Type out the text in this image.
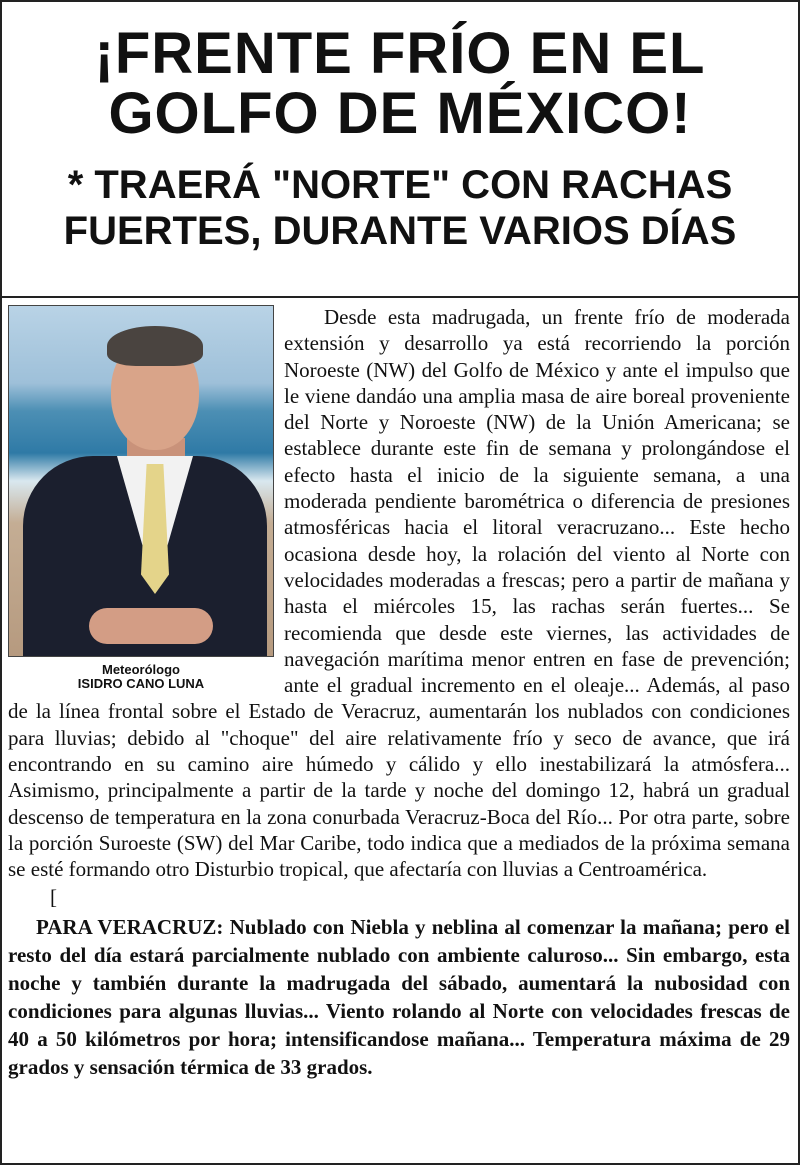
¡FRENTE FRÍO EN EL
GOLFO DE MÉXICO!
* TRAERÁ "NORTE" CON RACHAS
FUERTES, DURANTE VARIOS DÍAS
Meteorólogo
ISIDRO CANO LUNA

Desde esta madrugada, un frente frío de moderada extensión y desarrollo ya está recorriendo la porción Noroeste (NW) del Golfo de México y ante el impulso que le viene dandáo una amplia masa de aire boreal proveniente del Norte y Noroeste (NW) de la Unión Americana; se establece durante este fin de semana y prolongándose el efecto hasta el inicio de la siguiente semana, a una moderada pendiente barométrica o diferencia de presiones atmosféricas hacia el litoral veracruzano... Este hecho ocasiona desde hoy, la rolación del viento al Norte con velocidades moderadas a frescas; pero a partir de mañana y hasta el miércoles 15, las rachas serán fuertes... Se recomienda que desde este viernes, las actividades de navegación marítima menor entren en fase de prevención; ante el gradual incremento en el oleaje... Además, al paso de la línea frontal sobre el Estado de Veracruz, aumentarán los nublados con condiciones para lluvias; debido al "choque" del aire relativamente frío y seco de avance, que irá encontrando en su camino aire húmedo y cálido y ello inestabilizará la atmósfera... Asimismo, principalmente a partir de la tarde y noche del domingo 12, habrá un gradual descenso de temperatura en la zona conurbada Veracruz-Boca del Río... Por otra parte, sobre la porción Suroeste (SW) del Mar Caribe, todo indica que a mediados de la próxima semana se esté formando otro Disturbio tropical, que afectaría con lluvias a Centroamérica.

[

PARA VERACRUZ: Nublado con Niebla y neblina al comenzar la mañana; pero el resto del día estará parcialmente nublado con ambiente caluroso... Sin embargo, esta noche y también durante la madrugada del sábado, aumentará la nubosidad con condiciones para algunas lluvias... Viento rolando al Norte con velocidades frescas de 40 a 50 kilómetros por hora; intensificandose mañana... Temperatura máxima de 29 grados y sensación térmica de 33 grados.
